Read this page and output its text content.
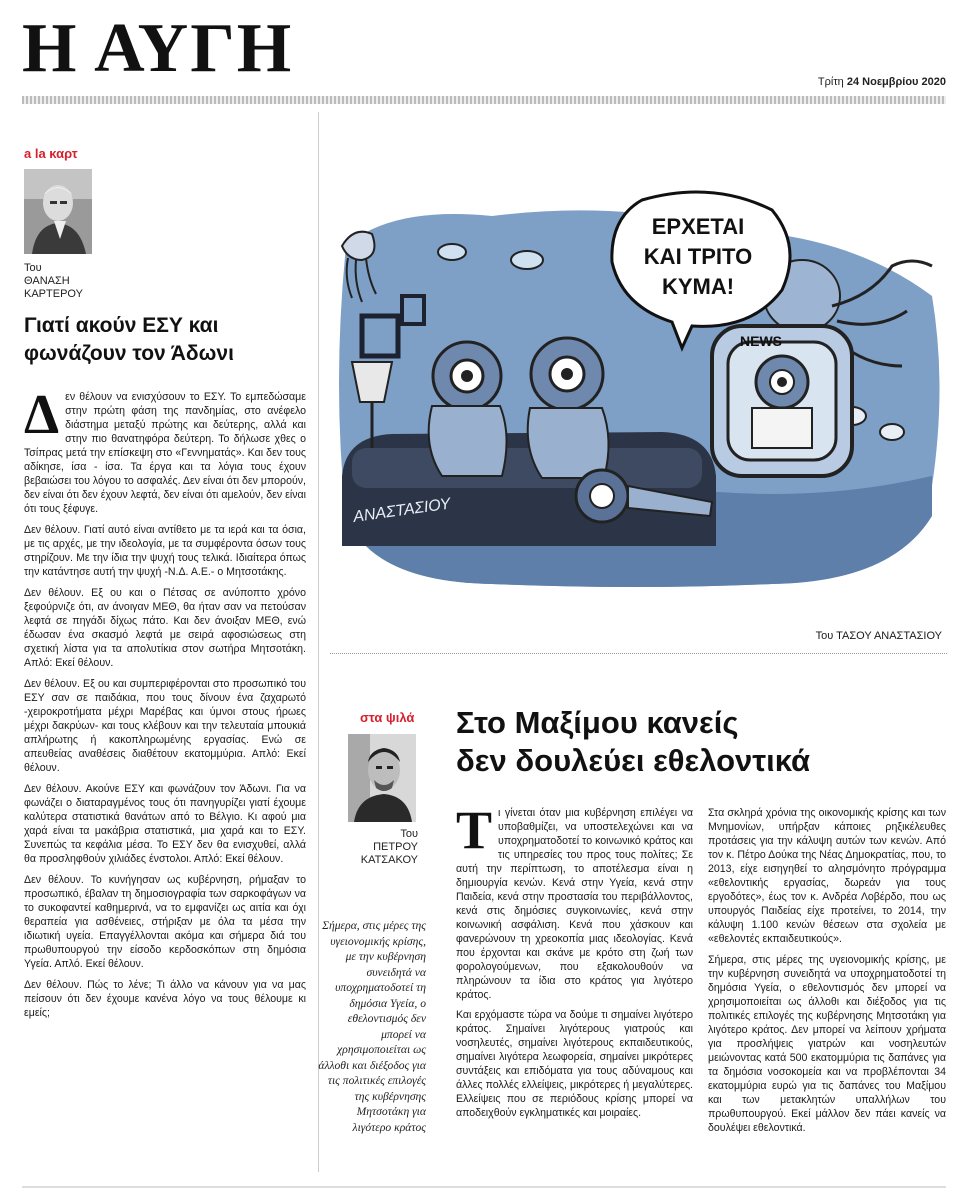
Η ΑΥΓΗ	Τρίτη 24 Νοεμβρίου 2020
a la καρτ
Του
ΘΑΝΑΣΗ
ΚΑΡΤΕΡΟΥ
Γιατί ακούν ΕΣΥ και φωνάζουν τον Άδωνι
Δ εν θέλουν να ενισχύσουν το ΕΣΥ. Το εμπεδώσαμε στην πρώτη φάση της πανδημίας, στο ανέφελο διάστημα μεταξύ πρώτης και δεύτερης, αλλά και στην πιο θανατηφόρα δεύτερη. Το δήλωσε χθες ο Τσίπρας μετά την επίσκεψη στο «Γεννηματάς». Και δεν τους αδίκησε, ίσα - ίσα. Τα έργα και τα λόγια τους έχουν βεβαιώσει του λόγου το ασφαλές. Δεν είναι ότι δεν μπορούν, δεν είναι ότι δεν έχουν λεφτά, δεν είναι ότι αμελούν, δεν είναι ότι τους ξέφυγε.

Δεν θέλουν. Γιατί αυτό είναι αντίθετο με τα ιερά και τα όσια, με τις αρχές, με την ιδεολογία, με τα συμφέροντα όσων τους στηρίζουν. Με την ίδια την ψυχή τους τελικά. Ιδιαίτερα όπως την κατάντησε αυτή την ψυχή -Ν.Δ. Α.Ε.- ο Μητσοτάκης.

Δεν θέλουν. Εξ ου και ο Πέτσας σε ανύποπτο χρόνο ξεφούρνιζε ότι, αν άνοιγαν ΜΕΘ, θα ήταν σαν να πετούσαν λεφτά σε πηγάδι δίχως πάτο. Και δεν άνοιξαν ΜΕΘ, ενώ έδωσαν ένα σκασμό λεφτά με σειρά αφοσιώσεως στη σχετική λίστα για τα απολυτίκια στον σωτήρα Μητσοτάκη. Απλό: Εκεί θέλουν.

Δεν θέλουν. Εξ ου και συμπεριφέρονται στο προσωπικό του ΕΣΥ σαν σε παιδάκια, που τους δίνουν ένα ζαχαρωτό -χειροκροτήματα μέχρι Μαρέβας και ύμνοι στους ήρωες μέχρι δακρύων- και τους κλέβουν και την τελευταία μπουκιά απλήρωτης ή κακοπληρωμένης εργασίας. Ενώ σε απευθείας αναθέσεις διαθέτουν εκατομμύρια. Απλό: Εκεί θέλουν.

Δεν θέλουν. Ακούνε ΕΣΥ και φωνάζουν τον Άδωνι. Για να φωνάζει ο διαταραγμένος τους ότι πανηγυρίζει γιατί έχουμε καλύτερα στατιστικά θανάτων από το Βέλγιο. Κι αφού μια χαρά είναι τα μακάβρια στατιστικά, μια χαρά και το ΕΣΥ. Συνεπώς τα κεφάλια μέσα. Το ΕΣΥ δεν θα ενισχυθεί, αλλά θα προσληφθούν χιλιάδες ένστολοι. Απλό: Εκεί θέλουν.

Δεν θέλουν. Το κυνήγησαν ως κυβέρνηση, ρήμαξαν το προσωπικό, έβαλαν τη δημοσιογραφία των σαρκοφάγων να το συκοφαντεί καθημερινά, να το εμφανίζει ως αιτία και όχι θεραπεία για ασθένειες, στήριξαν με όλα τα μέσα την ιδιωτική υγεία. Επαγγέλλονται ακόμα και σήμερα διά του πρωθυπουργού την είσοδο κερδοσκόπων στη δημόσια Υγεία. Απλό. Εκεί θέλουν.

Δεν θέλουν. Πώς το λένε; Τι άλλο να κάνουν για να μας πείσουν ότι δεν έχουμε κανένα λόγο να τους θέλουμε κι εμείς;

NEWS
ΕΡΧΕΤΑΙ
ΚΑΙ ΤΡΙΤΟ
ΚΥΜΑ!
ΑΝΑΣΤΑΣΙΟΥ
Του ΤΑΣΟΥ ΑΝΑΣΤΑΣΙΟΥ
στα ψιλά
Του
ΠΕΤΡΟΥ
ΚΑΤΣΑΚΟΥ
Στο Μαξίμου κανείς
δεν δουλεύει εθελοντικά
Σήμερα, στις μέρες της υγειονομικής κρίσης, με την κυβέρνηση συνειδητά να υποχρηματοδοτεί τη δημόσια Υγεία, ο εθελοντισμός δεν μπορεί να χρησιμοποιείται ως άλλοθι και διέξοδος για τις πολιτικές επιλογές της κυβέρνησης Μητσοτάκη για λιγότερο κράτος
Τ ι γίνεται όταν μια κυβέρνηση επιλέγει να υποβαθμίζει, να υποστελεχώνει και να υποχρηματοδοτεί το κοινωνικό κράτος και τις υπηρεσίες του προς τους πολίτες; Σε αυτή την περίπτωση, το αποτέλεσμα είναι η δημιουργία κενών. Κενά στην Υγεία, κενά στην Παιδεία, κενά στην προστασία του περιβάλλοντος, κενά στις δημόσιες συγκοινωνίες, κενά στην κοινωνική ασφάλιση. Κενά που χάσκουν και φανερώνουν τη χρεοκοπία μιας ιδεολογίας. Κενά που έρχονται και σκάνε με κρότο στη ζωή των φορολογούμενων, που εξακολουθούν να πληρώνουν τα ίδια στο κράτος για λιγότερο κράτος.

Και ερχόμαστε τώρα να δούμε τι σημαίνει λιγότερο κράτος. Σημαίνει λιγότερους γιατρούς και νοσηλευτές, σημαίνει λιγότερους εκπαιδευτικούς, σημαίνει λιγότερα λεωφορεία, σημαίνει μικρότερες συντάξεις και επιδόματα για τους αδύναμους και άλλες πολλές ελλείψεις, μικρότερες ή μεγαλύτερες. Ελλείψεις που σε περιόδους κρίσης μπορεί να αποδειχθούν εγκληματικές και μοιραίες.

Στα σκληρά χρόνια της οικονομικής κρίσης και των Μνημονίων, υπήρξαν κάποιες ρηξικέλευθες προτάσεις για την κάλυψη αυτών των κενών. Από τον κ. Πέτρο Δούκα της Νέας Δημοκρατίας, που, το 2013, είχε εισηγηθεί το αλησμόνητο πρόγραμμα «εθελοντικής εργασίας, δωρεάν για τους εργοδότες», έως τον κ. Ανδρέα Λοβέρδο, που ως υπουργός Παιδείας είχε προτείνει, το 2014, την κάλυψη 1.100 κενών θέσεων στα σχολεία με «εθελοντές εκπαιδευτικούς».

Σήμερα, στις μέρες της υγειονομικής κρίσης, με την κυβέρνηση συνειδητά να υποχρηματοδοτεί τη δημόσια Υγεία, ο εθελοντισμός δεν μπορεί να χρησιμοποιείται ως άλλοθι και διέξοδος για τις πολιτικές επιλογές της κυβέρνησης Μητσοτάκη για λιγότερο κράτος. Δεν μπορεί να λείπουν χρήματα για προσλήψεις γιατρών και νοσηλευτών μειώνοντας κατά 500 εκατομμύρια τις δαπάνες για τα δημόσια νοσοκομεία και να προβλέπονται 34 εκατομμύρια ευρώ για τις δαπάνες του Μαξίμου και των μετακλητών υπαλλήλων του πρωθυπουργού. Εκεί μάλλον δεν πάει κανείς να δουλέψει εθελοντικά.
